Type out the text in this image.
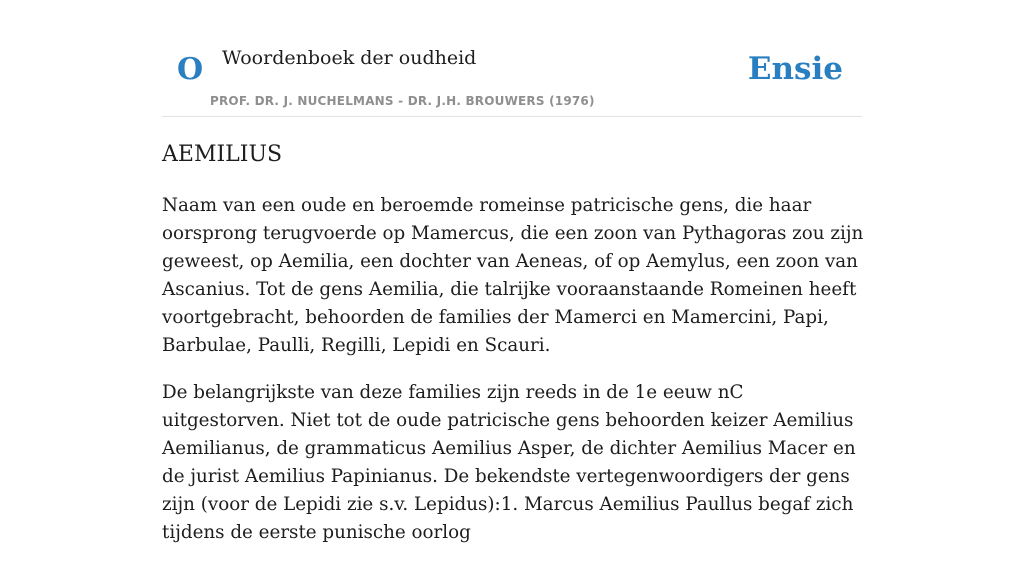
O Woordenboek der oudheid
PROF. DR. J. NUCHELMANS - DR. J.H. BROUWERS (1976)
Ensie
AEMILIUS

Naam van een oude en beroemde romeinse patricische gens, die haar oorsprong terugvoerde op Mamercus, die een zoon van Pythagoras zou zijn geweest, op Aemilia, een dochter van Aeneas, of op Aemylus, een zoon van Ascanius. Tot de gens Aemilia, die talrijke vooraanstaande Romeinen heeft voortgebracht, behoorden de families der Mamerci en Mamercini, Papi, Barbulae, Paulli, Regilli, Lepidi en Scauri.

De belangrijkste van deze families zijn reeds in de 1e eeuw nC uitgestorven. Niet tot de oude patricische gens behoorden keizer Aemilius Aemilianus, de grammaticus Aemilius Asper, de dichter Aemilius Macer en de jurist Aemilius Papinianus. De bekendste vertegenwoordigers der gens zijn (voor de Lepidi zie s.v. Lepidus):1. Marcus Aemilius Paullus begaf zich tijdens de eerste punische oorlog
